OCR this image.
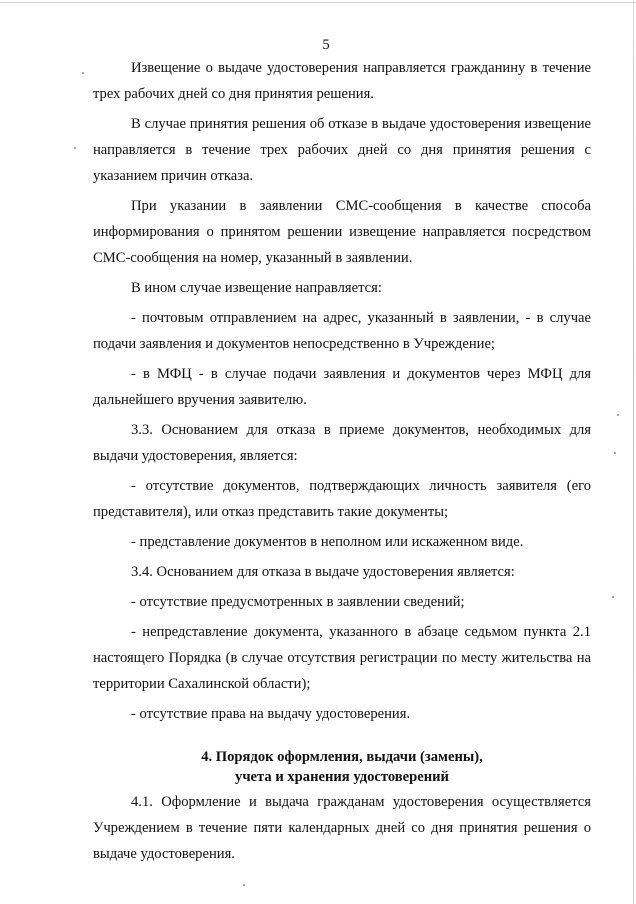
5

Извещение о выдаче удостоверения направляется гражданину в течение трех рабочих дней со дня принятия решения.

В случае принятия решения об отказе в выдаче удостоверения извещение направляется в течение трех рабочих дней со дня принятия решения с указанием причин отказа.

При указании в заявлении СМС-сообщения в качестве способа информирования о принятом решении извещение направляется посредством СМС-сообщения на номер, указанный в заявлении.

В ином случае извещение направляется:

- почтовым отправлением на адрес, указанный в заявлении, - в случае подачи заявления и документов непосредственно в Учреждение;

- в МФЦ - в случае подачи заявления и документов через МФЦ для дальнейшего вручения заявителю.

3.3. Основанием для отказа в приеме документов, необходимых для выдачи удостоверения, является:

- отсутствие документов, подтверждающих личность заявителя (его представителя), или отказ представить такие документы;

- представление документов в неполном или искаженном виде.

3.4. Основанием для отказа в выдаче удостоверения является:

- отсутствие предусмотренных в заявлении сведений;

- непредставление документа, указанного в абзаце седьмом пункта 2.1 настоящего Порядка (в случае отсутствия регистрации по месту жительства на территории Сахалинской области);

- отсутствие права на выдачу удостоверения.

4. Порядок оформления, выдачи (замены),
учета и хранения удостоверений

4.1. Оформление и выдача гражданам удостоверения осуществляется Учреждением в течение пяти календарных дней со дня принятия решения о выдаче удостоверения.
